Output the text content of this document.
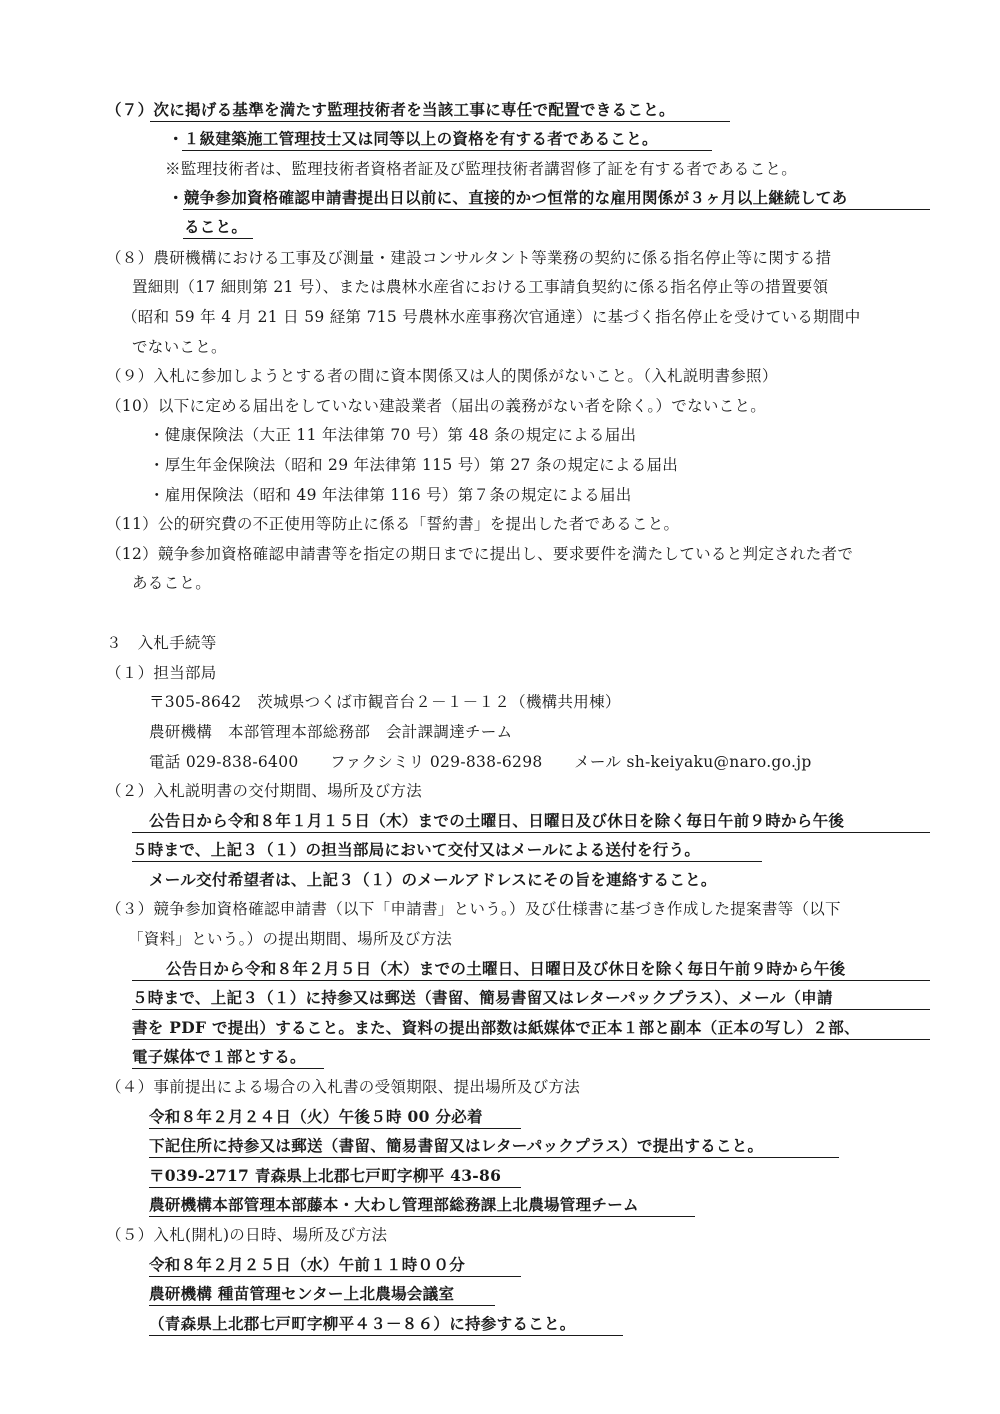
（７）次に掲げる基準を満たす監理技術者を当該工事に専任で配置できること。
・１級建築施工管理技士又は同等以上の資格を有する者であること。
※監理技術者は、監理技術者資格者証及び監理技術者講習修了証を有する者であること。
・競争参加資格確認申請書提出日以前に、直接的かつ恒常的な雇用関係が３ヶ月以上継続してあ
ること。
（８）農研機構における工事及び測量・建設コンサルタント等業務の契約に係る指名停止等に関する措
置細則（17 細則第 21 号）、または農林水産省における工事請負契約に係る指名停止等の措置要領
（昭和 59 年 4 月 21 日 59 経第 715 号農林水産事務次官通達）に基づく指名停止を受けている期間中
でないこと。
（９）入札に参加しようとする者の間に資本関係又は人的関係がないこと。（入札説明書参照）
（10）以下に定める届出をしていない建設業者（届出の義務がない者を除く。）でないこと。
・健康保険法（大正 11 年法律第 70 号）第 48 条の規定による届出
・厚生年金保険法（昭和 29 年法律第 115 号）第 27 条の規定による届出
・雇用保険法（昭和 49 年法律第 116 号）第７条の規定による届出
（11）公的研究費の不正使用等防止に係る「誓約書」を提出した者であること。
（12）競争参加資格確認申請書等を指定の期日までに提出し、要求要件を満たしていると判定された者で
あること。
３　入札手続等
（１）担当部局
〒305-8642　茨城県つくば市観音台２－１－１２（機構共用棟）
農研機構　本部管理本部総務部　会計課調達チーム
電話 029-838-6400　　ファクシミリ 029-838-6298　　メール sh-keiyaku@naro.go.jp
（２）入札説明書の交付期間、場所及び方法
公告日から令和８年１月１５日（木）までの土曜日、日曜日及び休日を除く毎日午前９時から午後
５時まで、上記３（１）の担当部局において交付又はメールによる送付を行う。
メール交付希望者は、上記３（１）のメールアドレスにその旨を連絡すること。
（３）競争参加資格確認申請書（以下「申請書」という。）及び仕様書に基づき作成した提案書等（以下
「資料」という。）の提出期間、場所及び方法
公告日から令和８年２月５日（木）までの土曜日、日曜日及び休日を除く毎日午前９時から午後
５時まで、上記３（１）に持参又は郵送（書留、簡易書留又はレターパックプラス）、メール（申請
書を PDF で提出）すること。また、資料の提出部数は紙媒体で正本１部と副本（正本の写し）２部、
電子媒体で１部とする。
（４）事前提出による場合の入札書の受領期限、提出場所及び方法
令和８年２月２４日（火）午後５時 00 分必着
下記住所に持参又は郵送（書留、簡易書留又はレターパックプラス）で提出すること。
〒039-2717 青森県上北郡七戸町字柳平 43-86
農研機構本部管理本部藤本・大わし管理部総務課上北農場管理チーム
（５）入札(開札)の日時、場所及び方法
令和８年２月２５日（水）午前１１時００分
農研機構 種苗管理センター上北農場会議室
（青森県上北郡七戸町字柳平４３－８６）に持参すること。
